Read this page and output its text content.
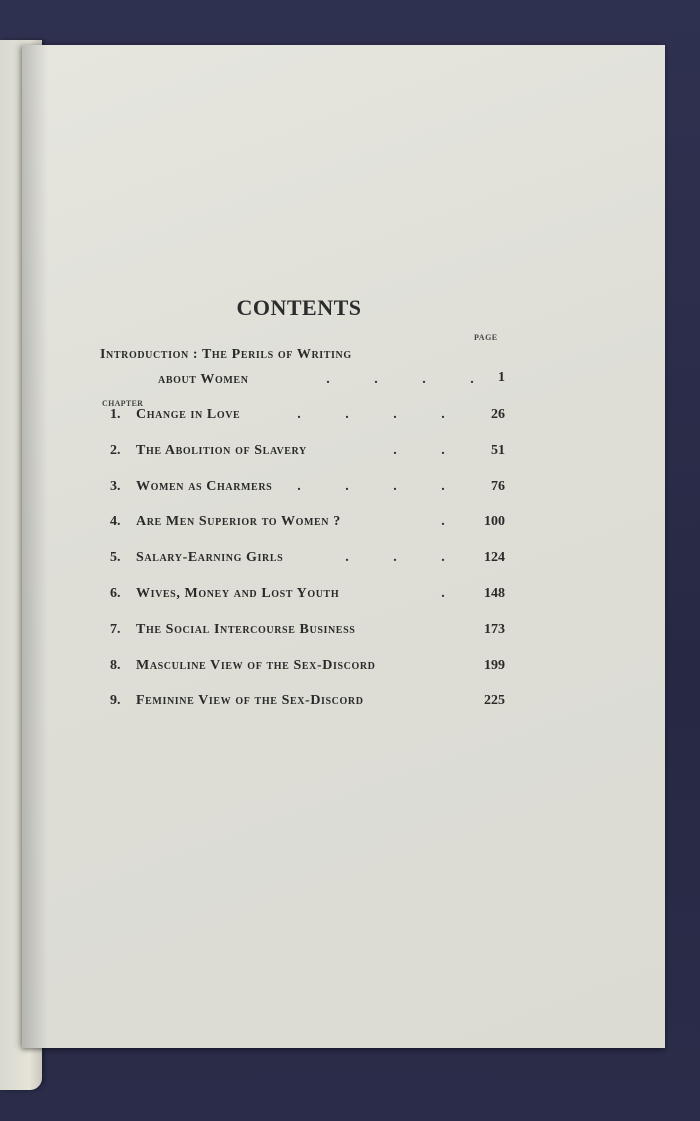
CONTENTS
PAGE
Introduction : The Perils of Writing
about Women	.	.	.	.	1
CHAPTER
1. Change in Love	.	.	.	.	26
2. The Abolition of Slavery	.	.	51
3. Women as Charmers	.	.	.	.	76
4. Are Men Superior to Women ?	.	100
5. Salary-Earning Girls	.	.	.	124
6. Wives, Money and Lost Youth	.	148
7. The Social Intercourse Business	173
8. Masculine View of the Sex-Discord	199
9. Feminine View of the Sex-Discord	225
